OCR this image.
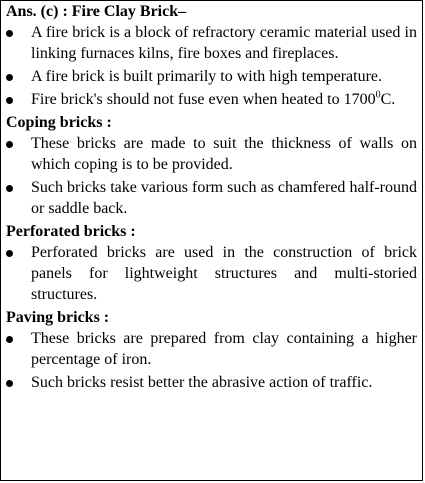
Ans. (c) : Fire Clay Brick–

A fire brick is a block of refractory ceramic material used in linking furnaces kilns, fire boxes and fireplaces.
A fire brick is built primarily to with high temperature.
Fire brick's should not fuse even when heated to 1700$^0$C.

Coping bricks :

These bricks are made to suit the thickness of walls on which coping is to be provided.
Such bricks take various form such as chamfered half-round or saddle back.

Perforated bricks :

Perforated bricks are used in the construction of brick panels for lightweight structures and multi-storied structures.

Paving bricks :

These bricks are prepared from clay containing a higher percentage of iron.
Such bricks resist better the abrasive action of traffic.
